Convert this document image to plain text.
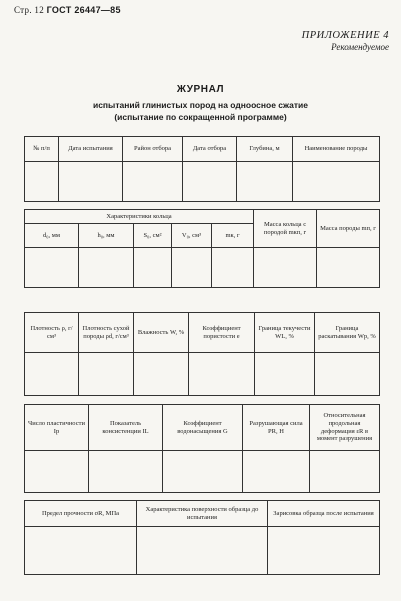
Стр. 12 ГОСТ 26447—85
ПРИЛОЖЕНИЕ 4
Рекомендуемое
ЖУРНАЛ
испытаний глинистых пород на одноосное сжатие
(испытание по сокращенной программе)
№ п/п	Дата испытания	Район отбора	Дата отбора	Глубина, м	Наименование породы

Характеристики кольца					Масса кольца с породой mкп, г	Масса породы mп, г
d₀, мм	h₀, мм	S₀, см²	V₀, см³	mк, г		

Плотность ρ, г/см³	Плотность сухой породы ρd, г/см³	Влажность W, %	Коэффициент пористости e	Граница текучести WL, %	Граница раскатывания Wp, %

Число пластичности Ip	Показатель консистенции IL	Коэффициент водонасыщения G	Разрушающая сила PR, Н	Относительная продольная деформация εR в момент разрушения

Предел прочности σR, МПа	Характеристика поверхности образца до испытания	Зарисовка образца после испытания
